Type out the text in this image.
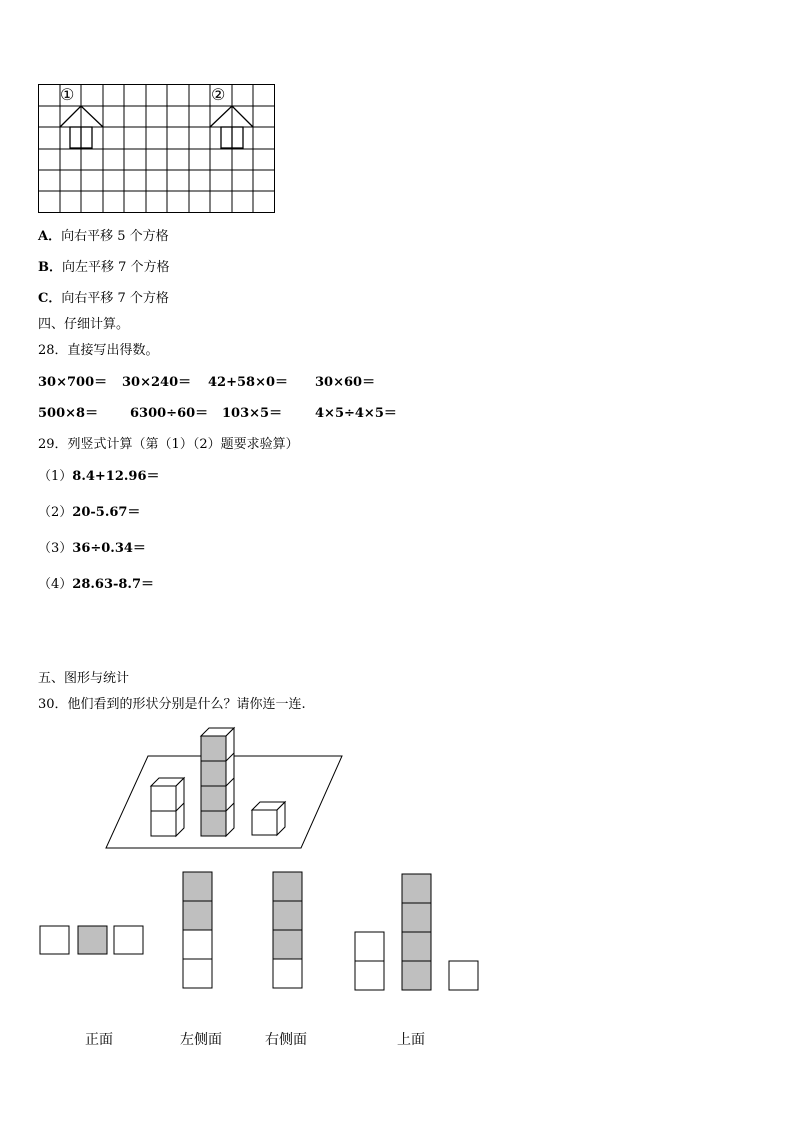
①	②
A．向右平移 5 个方格
B．向左平移 7 个方格
C．向右平移 7 个方格
四、仔细计算。
28．直接写出得数。
30×700＝ 30×240＝ 42+58×0＝ 30×60＝
500×8＝ 6300÷60＝ 103×5＝	4×5÷4×5＝
29．列竖式计算（第（1）（2）题要求验算）
（1）8.4+12.96＝
（2）20-5.67＝
（3）36÷0.34＝
（4）28.63-8.7＝
五、图形与统计
30．他们看到的形状分别是什么？请你连一连.
正面	左侧面	右侧面	上面
